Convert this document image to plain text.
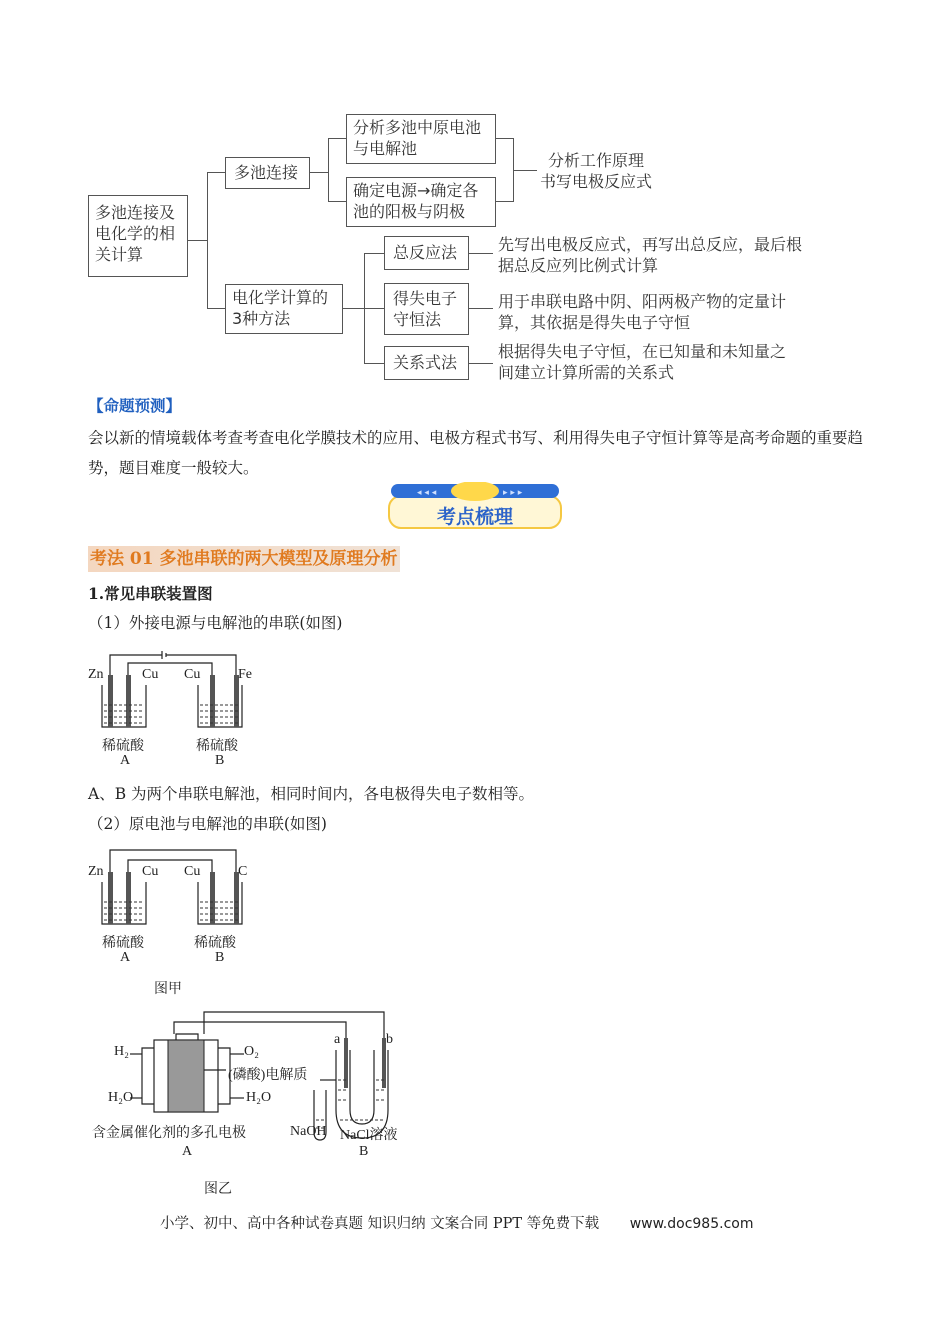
多池连接及电化学的相关计算
多池连接
分析多池中原电池与电解池
确定电源→确定各池的阳极与阴极
分析工作原理
书写电极反应式
电化学计算的3种方法
总反应法
得失电子守恒法
关系式法
先写出电极反应式，再写出总反应，最后根据总反应列比例式计算
用于串联电路中阴、阳两极产物的定量计算，其依据是得失电子守恒
根据得失电子守恒，在已知量和未知量之间建立计算所需的关系式
【命题预测】
会以新的情境载体考查考查电化学膜技术的应用、电极方程式书写、利用得失电子守恒计算等是高考命题的重要趋势，题目难度一般较大。
◂ ◂ ◂	▸ ▸ ▸
考点梳理
考法 01 多池串联的两大模型及原理分析
1.常见串联装置图
（1）外接电源与电解池的串联(如图)
Zn	Cu Cu	Fe
稀硫酸	稀硫酸
A	B
A、B 为两个串联电解池，相同时间内，各电极得失电子数相等。
（2）原电池与电解池的串联(如图)
Zn	Cu Cu	C
稀硫酸	稀硫酸
A	B
图甲
H₂	O₂
H₂O	H₂O
(磷酸)电解质
a	b
含金属催化剂的多孔电极	NaOH NaCl溶液
A	B
图乙
小学、初中、高中各种试卷真题 知识归纳 文案合同 PPT 等免费下载 www.doc985.com
